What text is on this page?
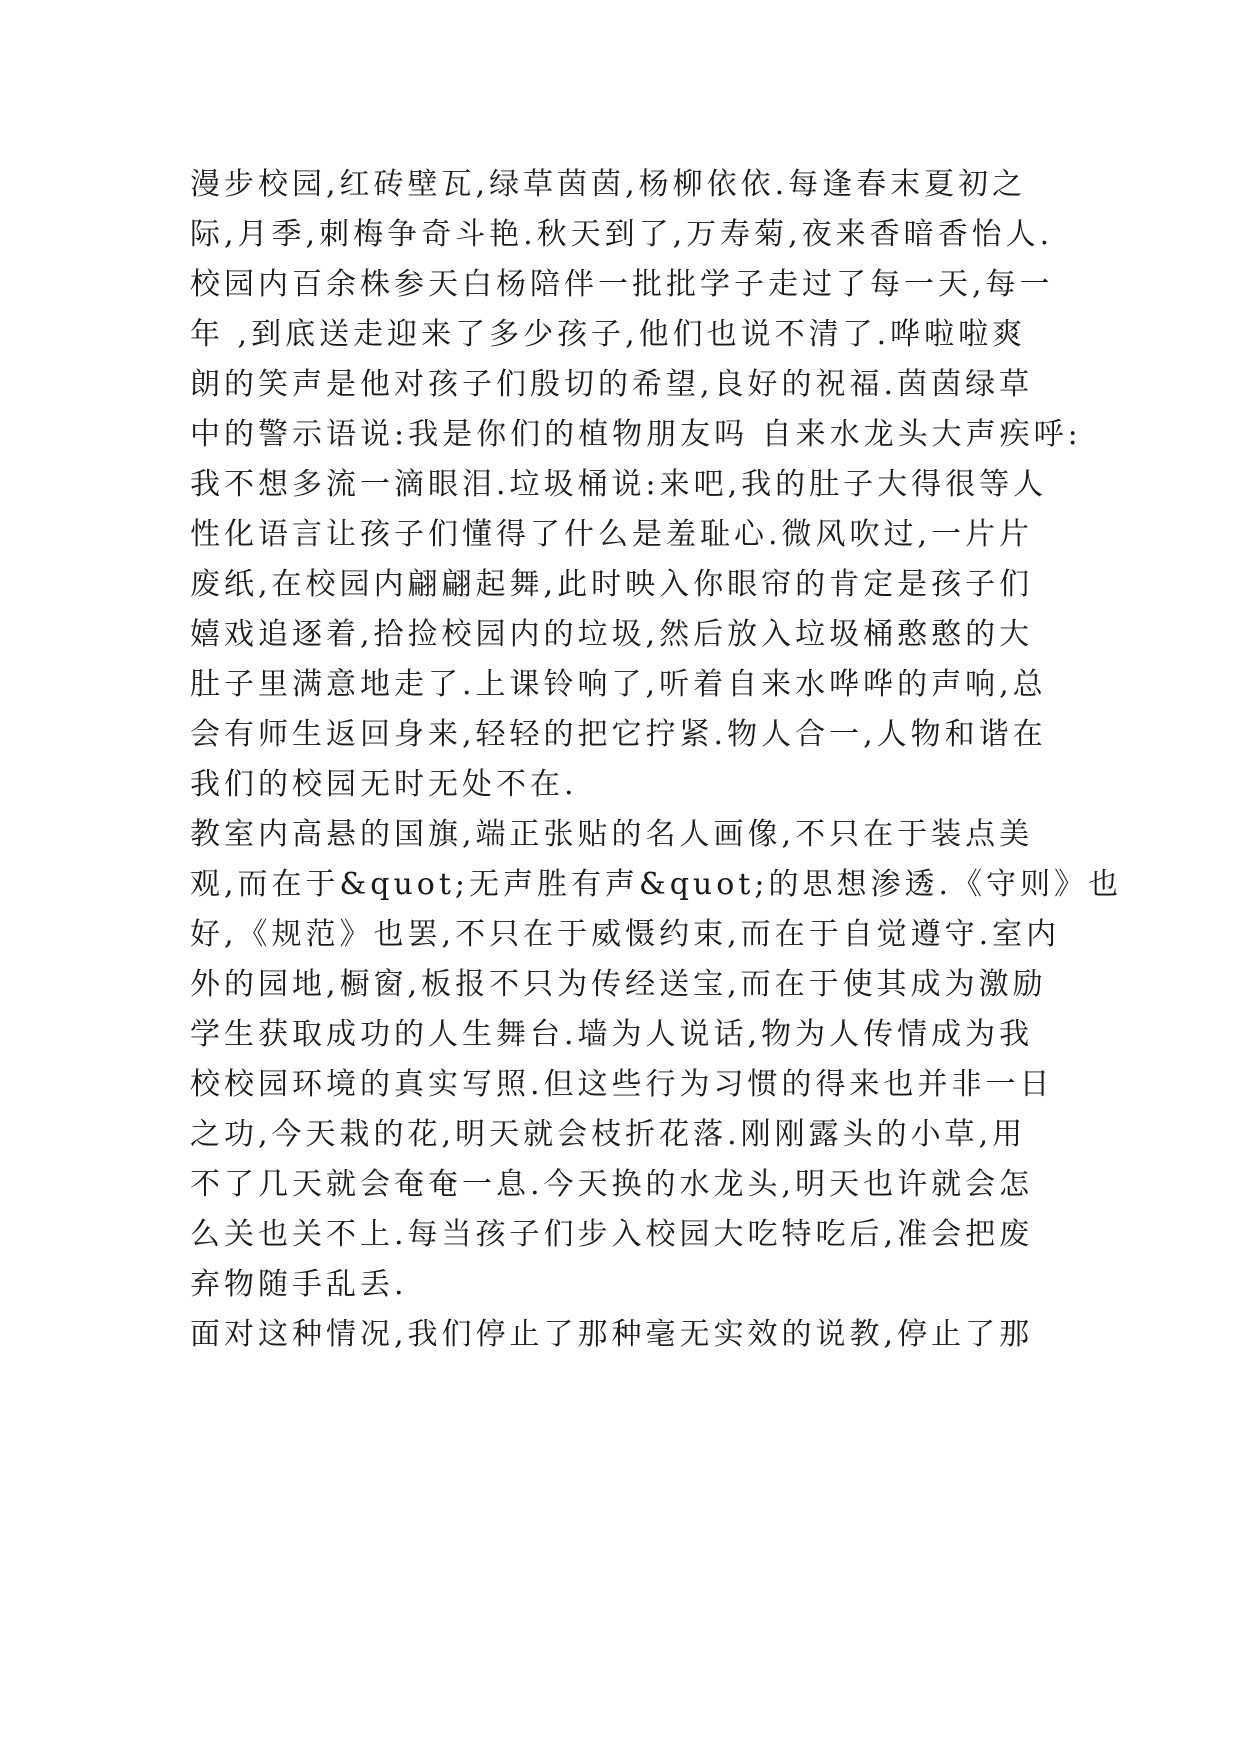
漫步校园,红砖壁瓦,绿草茵茵,杨柳依依.每逢春末夏初之
际,月季,刺梅争奇斗艳.秋天到了,万寿菊,夜来香暗香怡人.
校园内百余株参天白杨陪伴一批批学子走过了每一天,每一
年 ,到底送走迎来了多少孩子,他们也说不清了.哗啦啦爽
朗的笑声是他对孩子们殷切的希望,良好的祝福.茵茵绿草
中的警示语说:我是你们的植物朋友吗 自来水龙头大声疾呼:
我不想多流一滴眼泪.垃圾桶说:来吧,我的肚子大得很等人
性化语言让孩子们懂得了什么是羞耻心.微风吹过,一片片
废纸,在校园内翩翩起舞,此时映入你眼帘的肯定是孩子们
嬉戏追逐着,拾捡校园内的垃圾,然后放入垃圾桶憨憨的大
肚子里满意地走了.上课铃响了,听着自来水哗哗的声响,总
会有师生返回身来,轻轻的把它拧紧.物人合一,人物和谐在
我们的校园无时无处不在.
教室内高悬的国旗,端正张贴的名人画像,不只在于装点美
观,而在于&quot;无声胜有声&quot;的思想渗透.《守则》也
好,《规范》也罢,不只在于威慑约束,而在于自觉遵守.室内
外的园地,橱窗,板报不只为传经送宝,而在于使其成为激励
学生获取成功的人生舞台.墙为人说话,物为人传情成为我
校校园环境的真实写照.但这些行为习惯的得来也并非一日
之功,今天栽的花,明天就会枝折花落.刚刚露头的小草,用
不了几天就会奄奄一息.今天换的水龙头,明天也许就会怎
么关也关不上.每当孩子们步入校园大吃特吃后,准会把废
弃物随手乱丢.
面对这种情况,我们停止了那种毫无实效的说教,停止了那
